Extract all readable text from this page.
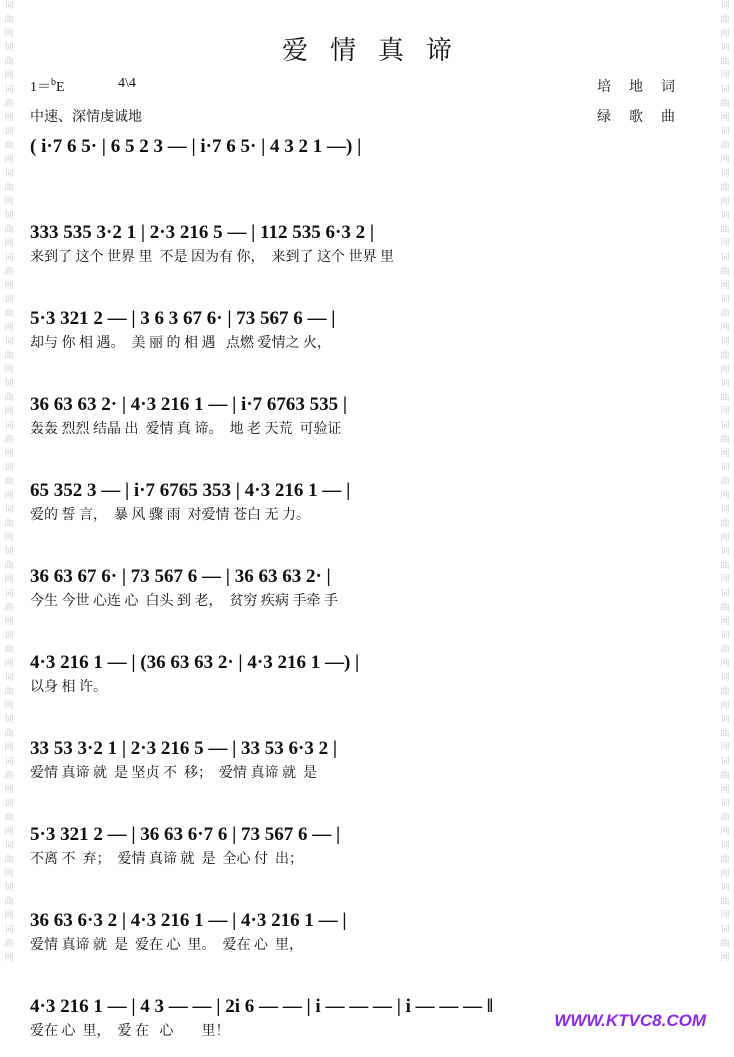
词
曲
网
词
曲
网
词
曲
网
词
曲
网
词
曲
网
词
曲
网
词
曲
网
词
曲
网
词
曲
网
词
曲
网
词
曲
网
词
曲
网
词
曲
网
词
曲
网
词
曲
网
词
曲
网
词
曲
网
词
曲
网
词
曲
网
词
曲
网
词
曲
网
词
曲
网
词
曲
网
词
曲
网
词
曲
网
词
曲
网
词
曲
网
词
曲
网
词
曲
网
词
曲
网
词
曲
网
词
曲
网
词
曲
网
词
曲
网
词
曲
网
词
曲
网
词
曲
网
词
曲
网
词
曲
网
词
曲
网
词
曲
网
词
曲
网
词
曲
网
词
曲
网
词
曲
网
词
曲
网
爱情真谛
1＝$^b$E	4\4
中速、深情虔诚地
培地词
绿歌曲
( i·7 6 5· | 6 5 2 3 — | i·7 6 5· | 4 3 2 1 —) |
333 535 3·2 1 | 2·3 216 5 — | 112 535 6·3 2 |
来到了 这个 世界 里  不是 因为有 你，  来到了 这个 世界 里
5·3 321 2 — | 3 6 3 67 6· | 73 567 6 — |
却与 你 相 遇。  美 丽 的 相 遇   点燃 爱情之 火，
36 63 63 2· | 4·3 216 1 — | i·7 6763 535 |
轰轰 烈烈 结晶 出  爱情 真 谛。  地 老 天荒  可验证
65 352 3 — | i·7 6765 353 | 4·3 216 1 — |
爱的 誓 言，  暴 风 骤 雨  对爱情 苍白 无 力。
36 63 67 6· | 73 567 6 — | 36 63 63 2· |
今生 今世 心连 心  白头 到 老，  贫穷 疾病 手牵 手
4·3 216 1 — | (36 63 63 2· | 4·3 216 1 —) |
以身 相 许。
33 53 3·2 1 | 2·3 216 5 — | 33 53 6·3 2 |
爱情 真谛 就  是 坚贞 不  移；  爱情 真谛 就  是
5·3 321 2 — | 36 63 6·7 6 | 73 567 6 — |
不离 不  弃；  爱情 真谛 就  是  全心 付  出；
36 63 6·3 2 | 4·3 216 1 — | 4·3 216 1 — |
爱情 真谛 就  是  爱在 心  里。  爱在 心  里，
4·3 216 1 — | 4 3 — — | 2i 6 — — | i — — — | i — — — ‖
爱在 心  里，  爱 在   心        里！
WWW.KTVC8.COM
